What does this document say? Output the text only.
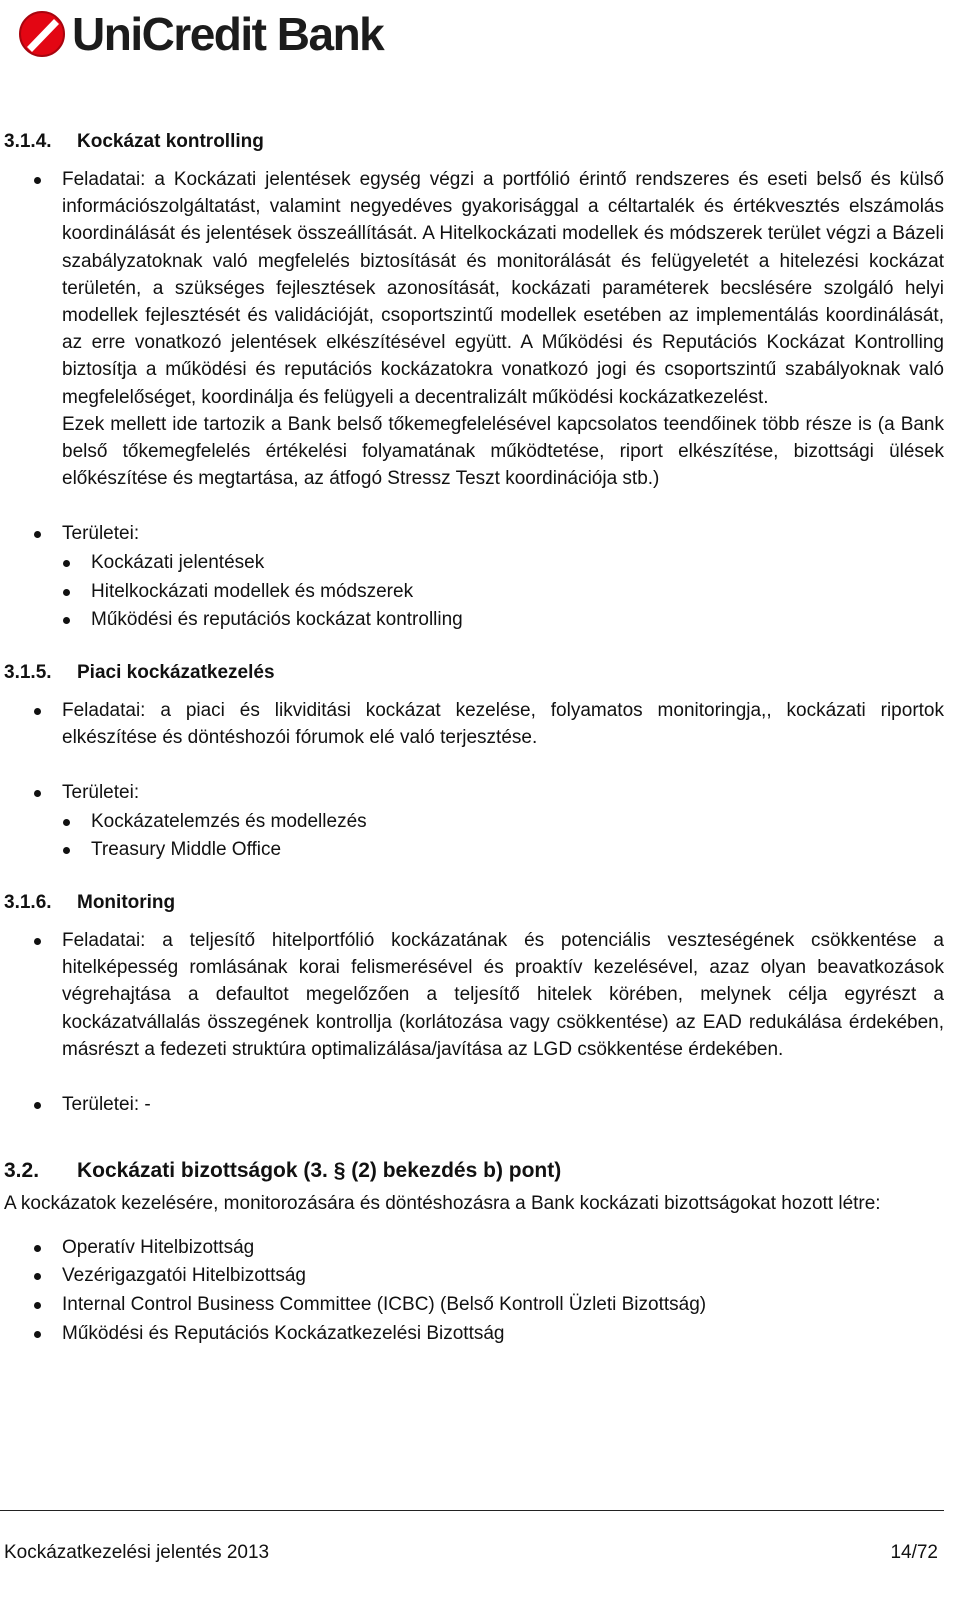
UniCredit Bank
3.1.4.	Kockázat kontrolling
Feladatai: a Kockázati jelentések egység végzi a portfólió érintő rendszeres és eseti belső és külső információszolgáltatást, valamint negyedéves gyakorisággal a céltartalék és értékvesztés elszámolás koordinálását és jelentések összeállítását. A Hitelkockázati modellek és módszerek terület végzi a Bázeli szabályzatoknak való megfelelés biztosítását és monitorálását és felügyeletét a hitelezési kockázat területén, a szükséges fejlesztések azonosítását, kockázati paraméterek becslésére szolgáló helyi modellek fejlesztését és validációját, csoportszintű modellek esetében az implementálás koordinálását, az erre vonatkozó jelentések elkészítésével együtt. A Működési és Reputációs Kockázat Kontrolling biztosítja a működési és reputációs kockázatokra vonatkozó jogi és csoportszintű szabályoknak való megfelelőséget, koordinálja és felügyeli a decentralizált működési kockázatkezelést.
Ezek mellett ide tartozik a Bank belső tőkemegfelelésével kapcsolatos teendőinek több része is (a Bank belső tőkemegfelelés értékelési folyamatának működtetése, riport elkészítése, bizottsági ülések előkészítése és megtartása, az átfogó Stressz Teszt koordinációja stb.)
Területei:
Kockázati jelentések
Hitelkockázati modellek és módszerek
Működési és reputációs kockázat kontrolling
3.1.5.	Piaci kockázatkezelés
Feladatai: a piaci és likviditási kockázat kezelése, folyamatos monitoringja,, kockázati riportok elkészítése és döntéshozói fórumok elé való terjesztése.
Területei:
Kockázatelemzés és modellezés
Treasury Middle Office
3.1.6.	Monitoring
Feladatai: a teljesítő hitelportfólió kockázatának és potenciális veszteségének csökkentése a hitelképesség romlásának korai felismerésével és proaktív kezelésével, azaz olyan beavatkozások végrehajtása a defaultot megelőzően a teljesítő hitelek körében, melynek célja egyrészt a kockázatvállalás összegének kontrollja (korlátozása vagy csökkentése) az EAD redukálása érdekében, másrészt a fedezeti struktúra optimalizálása/javítása az LGD csökkentése érdekében.
Területei: -
3.2.	Kockázati bizottságok (3. § (2) bekezdés b) pont)

A kockázatok kezelésére, monitorozására és döntéshozásra a Bank kockázati bizottságokat hozott létre:

Operatív Hitelbizottság
Vezérigazgatói Hitelbizottság
Internal Control Business Committee (ICBC) (Belső Kontroll Üzleti Bizottság)
Működési és Reputációs Kockázatkezelési Bizottság
Kockázatkezelési jelentés 2013	14/72
